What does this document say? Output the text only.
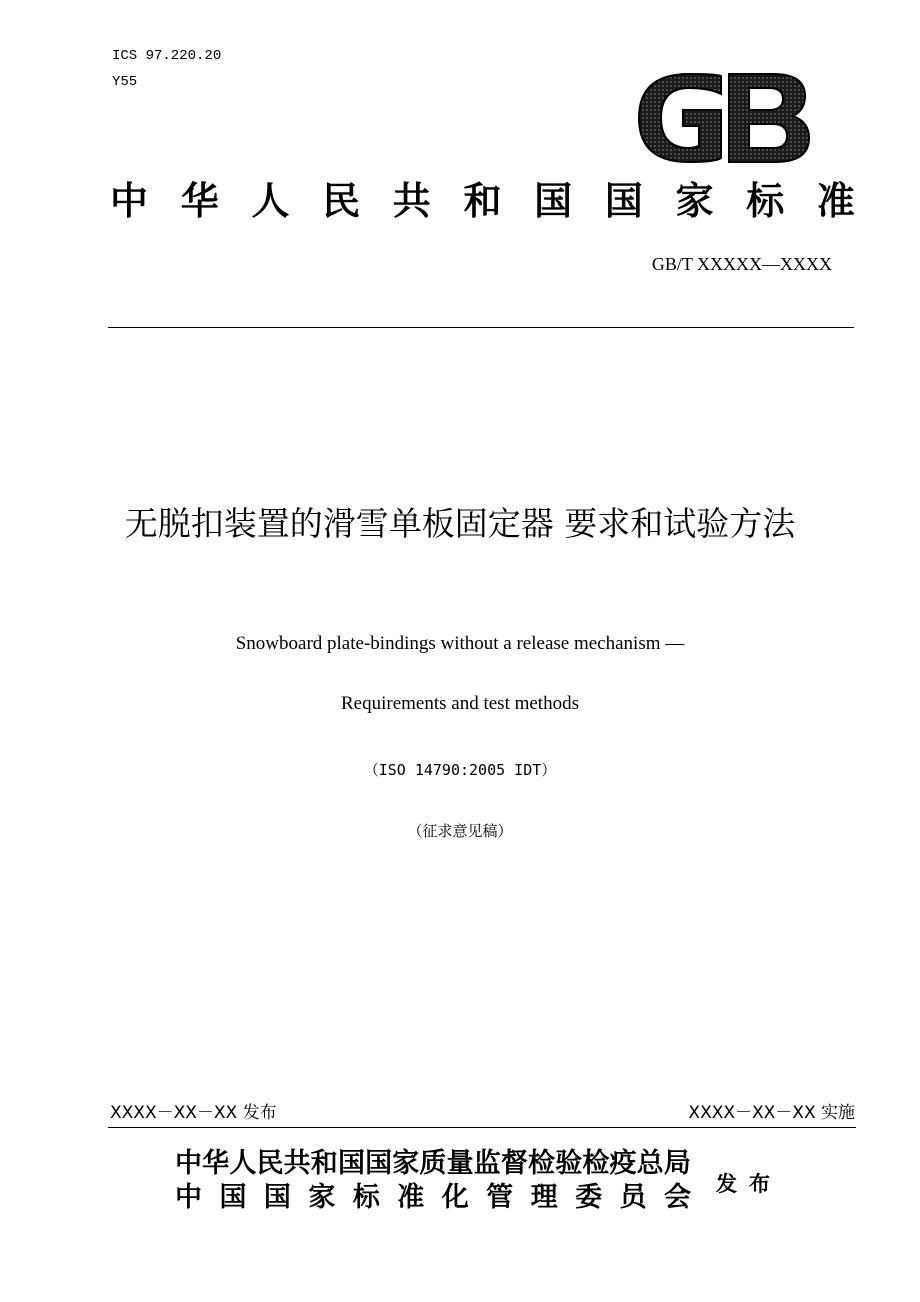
ICS 97.220.20
Y55
中 华 人 民 共 和 国 国 家 标 准
GB/T XXXXX—XXXX
无脱扣装置的滑雪单板固定器 要求和试验方法
Snowboard plate-bindings without a release mechanism —
Requirements and test methods
（ISO 14790:2005 IDT）
（征求意见稿）
XXXX－XX－XX 发布	XXXX－XX－XX 实施
中 华 人 民 共 和 国 国 家 质 量 监 督 检 验 检 疫 总 局
中 国 国 家 标 准 化 管 理 委 员 会 发布
